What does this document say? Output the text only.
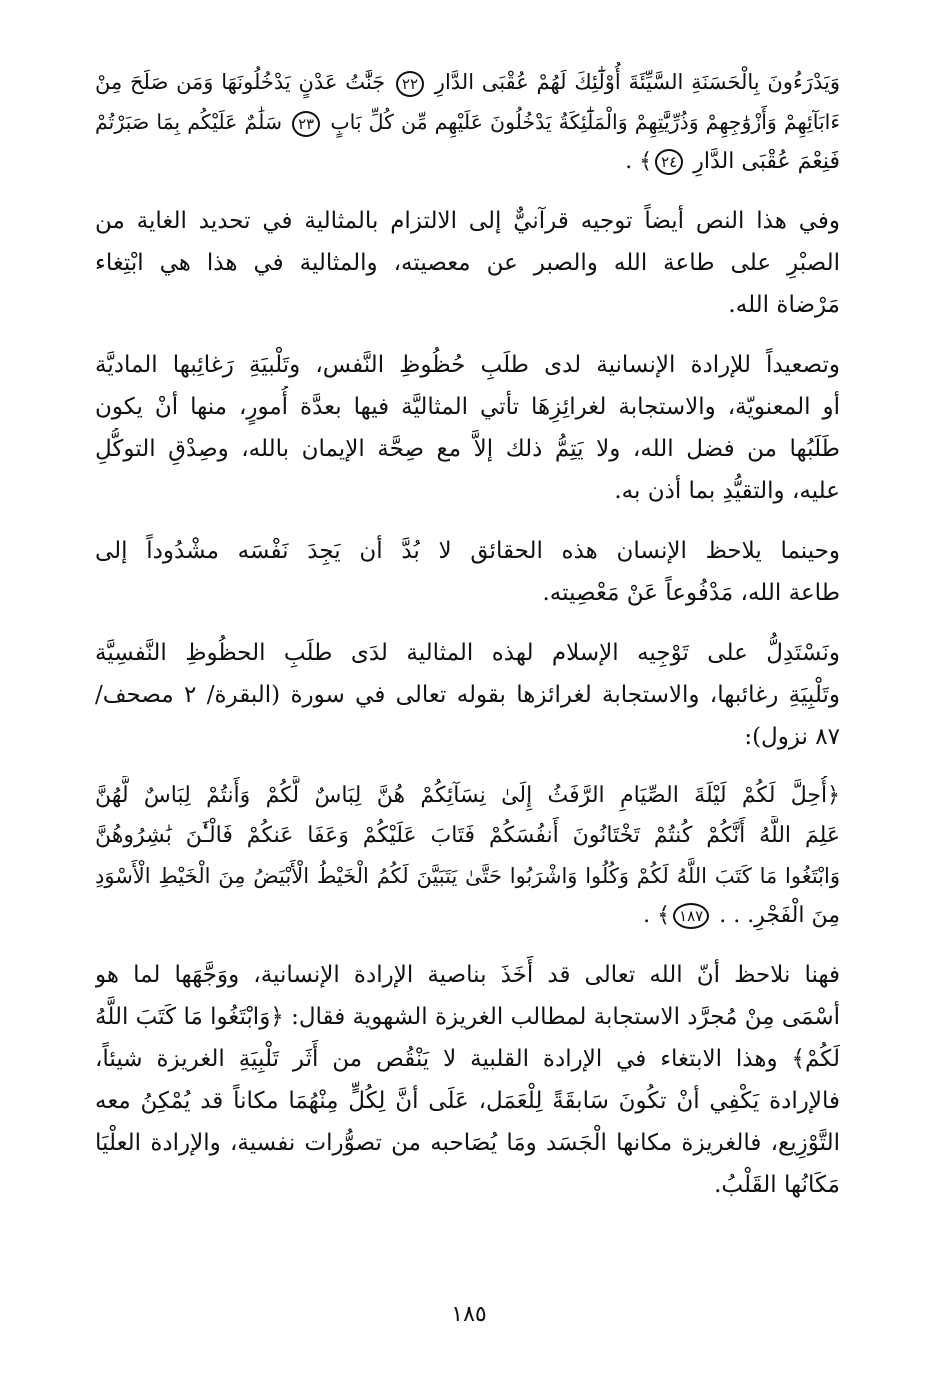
وَيَدْرَءُونَ بِالْحَسَنَةِ السَّيِّئَةَ أُوْلَٰٓئِكَ لَهُمْ عُقْبَى الدَّارِ ٢٢ جَنَّٰتُ عَدْنٍ يَدْخُلُونَهَا وَمَن صَلَحَ مِنْ
ءَابَآئِهِمْ وَأَزْوَٰجِهِمْ وَذُرِّيَّٰتِهِمْ وَالْمَلَٰٓئِكَةُ يَدْخُلُونَ عَلَيْهِم مِّن كُلِّ بَابٍ ٢٣ سَلَٰمٌ عَلَيْكُم بِمَا صَبَرْتُمْ
فَنِعْمَ عُقْبَى الدَّارِ ٢٤﴾ .
وفي هذا النص أيضاً توجيه قرآنيٌّ إلى الالتزام بالمثالية في تحديد الغاية من
الصبْرِ على طاعة الله والصبر عن معصيته، والمثالية في هذا هي ابْتِغاء
مَرْضاة الله.
وتصعيداً للإرادة الإنسانية لدى طلَبِ حُظُوظِ النَّفس، وتَلْبيَةِ رَغائِبها الماديَّة
أو المعنويّة، والاستجابة لغرائِزِهَا تأتي المثاليَّة فيها بعدَّة أُمورٍ، منها أنْ يكون
طَلَبُها من فضل الله، ولا يَتِمُّ ذلك إلاَّ مع صِحَّة الإيمان بالله، وصِدْقِ التوكُّلِ
عليه، والتقيُّدِ بما أذن به.
وحينما يلاحظ الإنسان هذه الحقائق لا بُدَّ أن يَجِدَ نَفْسَه مشْدُوداً إلى
طاعة الله، مَدْفُوعاً عَنْ مَعْصِيته.
ونَسْتَدِلُّ على تَوْجِيه الإسلام لهذه المثالية لدَى طلَبِ الحظُوظِ النَّفسِيَّة
وتَلْبِيَةِ رغائبها، والاستجابة لغرائزها بقوله تعالى في سورة (البقرة/ ٢ مصحف/
٨٧ نزول):
﴿أُحِلَّ لَكُمْ لَيْلَةَ الصِّيَامِ الرَّفَثُ إِلَىٰ نِسَآئِكُمْ هُنَّ لِبَاسٌ لَّكُمْ وَأَنتُمْ لِبَاسٌ لَّهُنَّ
عَلِمَ اللَّهُ أَنَّكُمْ كُنتُمْ تَخْتَانُونَ أَنفُسَكُمْ فَتَابَ عَلَيْكُمْ وَعَفَا عَنكُمْ فَالْـَٰٔنَ بَٰشِرُوهُنَّ
وَابْتَغُوا مَا كَتَبَ اللَّهُ لَكُمْ وَكُلُوا وَاشْرَبُوا حَتَّىٰ يَتَبَيَّنَ لَكُمُ الْخَيْطُ الْأَبْيَضُ مِنَ الْخَيْطِ الْأَسْوَدِ
مِنَ الْفَجْرِ. . . ١٨٧﴾ .
فهنا نلاحظ أنّ الله تعالى قد أَخَذَ بناصية الإرادة الإنسانية، ووَجَّهَها لما هو
أسْمَى مِنْ مُجرَّد الاستجابة لمطالب الغريزة الشهوية فقال: ﴿وَابْتَغُوا مَا كَتَبَ اللَّهُ
لَكُمْ﴾ وهذا الابتغاء في الإرادة القلبية لا يَنْقُص من أَثَر تَلْبِيَةِ الغريزة شيئاً،
فالإرادة يَكْفِي أنْ تكُونَ سَابقَةً لِلْعَمَل، عَلَى أنَّ لِكُلٍّ مِنْهُمَا مكاناً قد يُمْكِنُ معه
التَّوْزِيع، فالغريزة مكانها الْجَسَد ومَا يُصَاحبه من تصوُّرات نفسية، والإرادة العلْيَا
مَكَانُها القَلْبُ.
١٨٥
